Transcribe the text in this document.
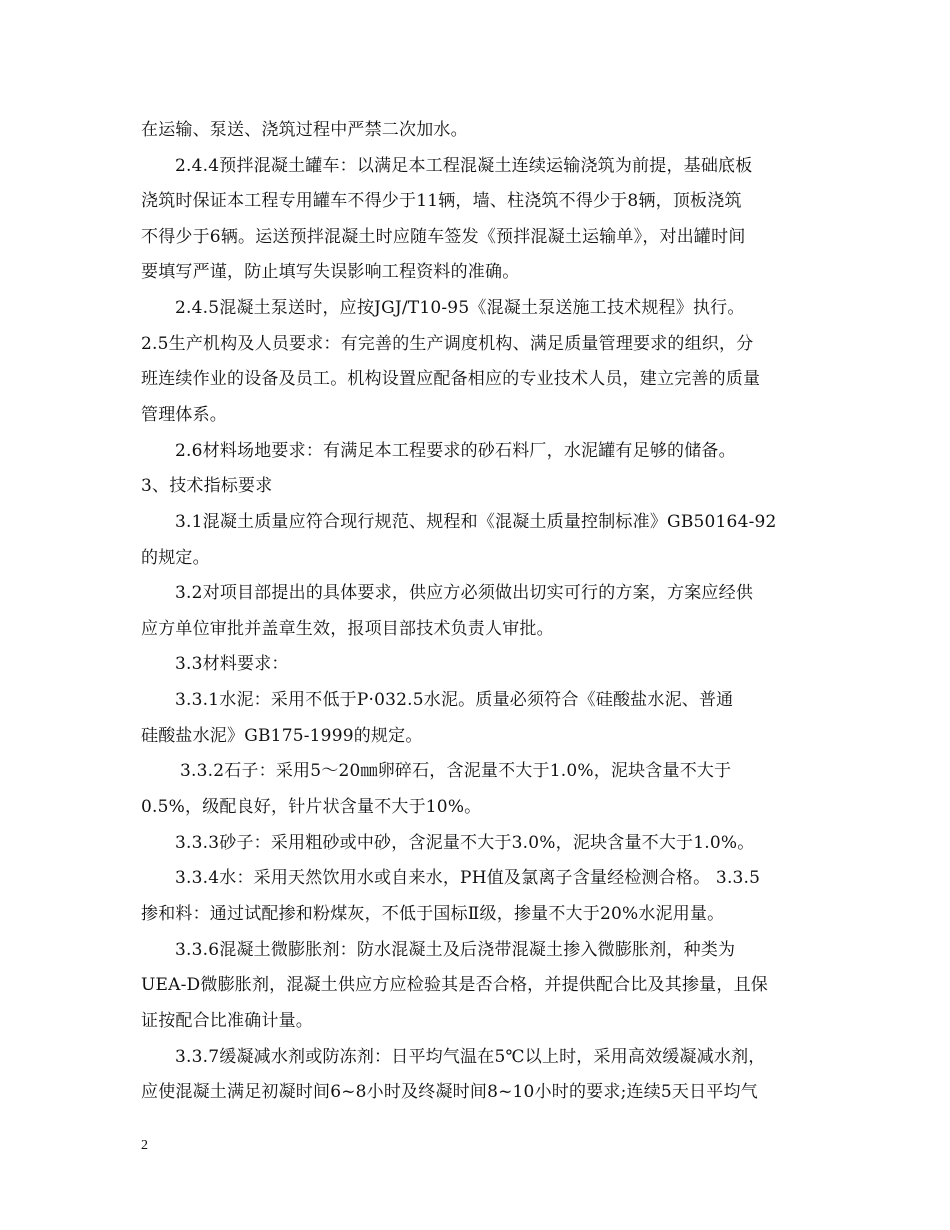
在运输、泵送、浇筑过程中严禁二次加水。
2.4.4预拌混凝土罐车：以满足本工程混凝土连续运输浇筑为前提，基础底板
浇筑时保证本工程专用罐车不得少于11辆，墙、柱浇筑不得少于8辆，顶板浇筑
不得少于6辆。运送预拌混凝土时应随车签发《预拌混凝土运输单》，对出罐时间
要填写严谨，防止填写失误影响工程资料的准确。
2.4.5混凝土泵送时，应按JGJ/T10-95《混凝土泵送施工技术规程》执行。
2.5生产机构及人员要求：有完善的生产调度机构、满足质量管理要求的组织，分
班连续作业的设备及员工。机构设置应配备相应的专业技术人员，建立完善的质量
管理体系。
2.6材料场地要求：有满足本工程要求的砂石料厂，水泥罐有足够的储备。
3、技术指标要求
3.1混凝土质量应符合现行规范、规程和《混凝土质量控制标准》GB50164-92
的规定。
3.2对项目部提出的具体要求，供应方必须做出切实可行的方案，方案应经供
应方单位审批并盖章生效，报项目部技术负责人审批。
3.3材料要求：
3.3.1水泥：采用不低于P·032.5水泥。质量必须符合《硅酸盐水泥、普通
硅酸盐水泥》GB175-1999的规定。
3.3.2石子：采用5～20㎜卵碎石，含泥量不大于1.0%，泥块含量不大于
0.5%，级配良好，针片状含量不大于10%。
3.3.3砂子：采用粗砂或中砂，含泥量不大于3.0%，泥块含量不大于1.0%。
3.3.4水：采用天然饮用水或自来水，PH值及氯离子含量经检测合格。 3.3.5
掺和料：通过试配掺和粉煤灰，不低于国标Ⅱ级，掺量不大于20%水泥用量。
3.3.6混凝土微膨胀剂：防水混凝土及后浇带混凝土掺入微膨胀剂，种类为
UEA-D微膨胀剂，混凝土供应方应检验其是否合格，并提供配合比及其掺量，且保
证按配合比准确计量。
3.3.7缓凝减水剂或防冻剂：日平均气温在5℃以上时，采用高效缓凝减水剂，
应使混凝土满足初凝时间6~8小时及终凝时间8~10小时的要求;连续5天日平均气
2
